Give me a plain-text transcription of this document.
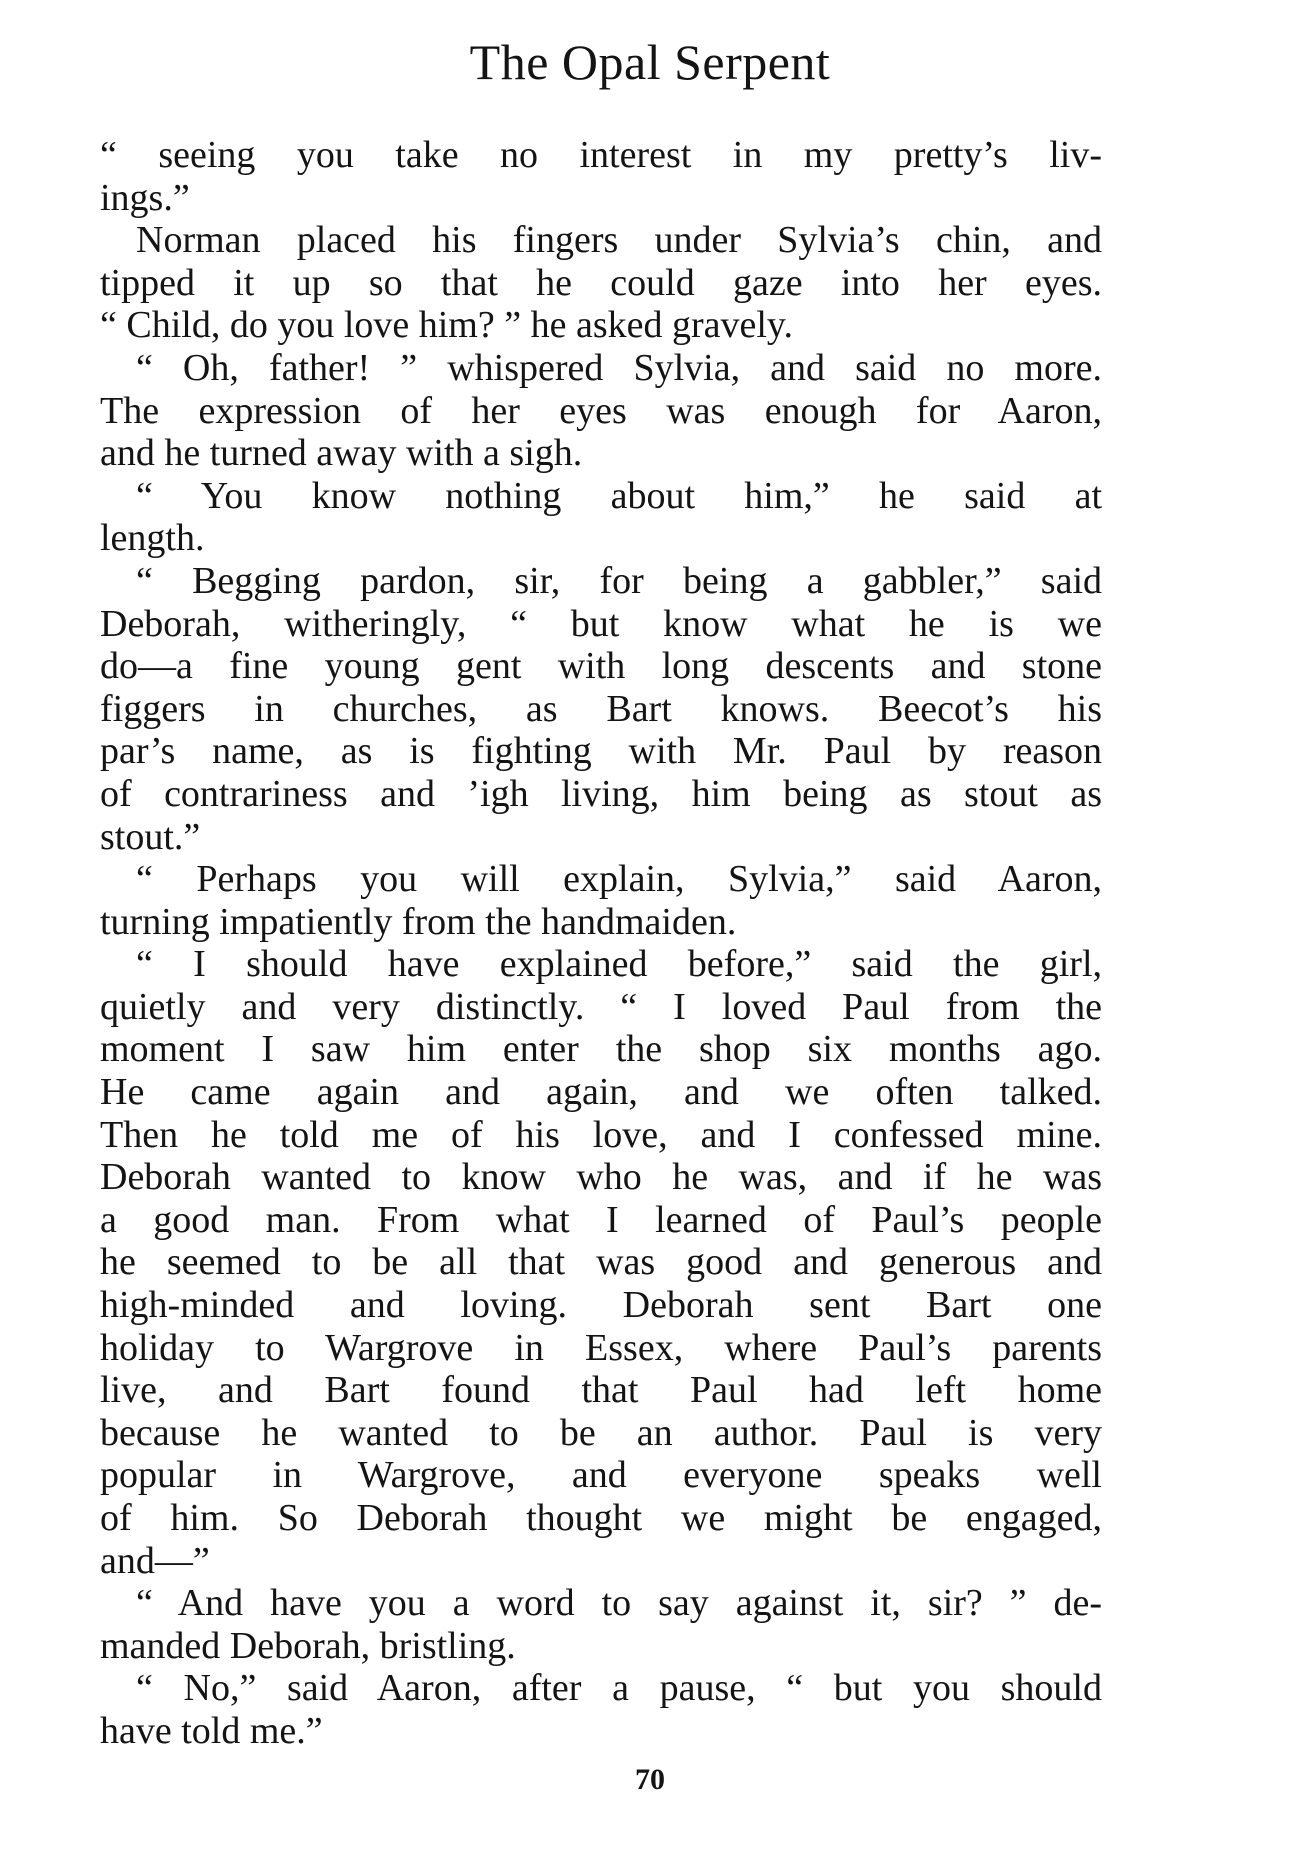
The Opal Serpent
“ seeing you take no interest in my pretty’s liv-
ings.”
Norman placed his fingers under Sylvia’s chin, and
tipped it up so that he could gaze into her eyes.
“ Child, do you love him? ” he asked gravely.
“ Oh, father! ” whispered Sylvia, and said no more.
The expression of her eyes was enough for Aaron,
and he turned away with a sigh.
“ You know nothing about him,” he said at
length.
“ Begging pardon, sir, for being a gabbler,” said
Deborah, witheringly, “ but know what he is we
do—a fine young gent with long descents and stone
figgers in churches, as Bart knows. Beecot’s his
par’s name, as is fighting with Mr. Paul by reason
of contrariness and ’igh living, him being as stout as
stout.”
“ Perhaps you will explain, Sylvia,” said Aaron,
turning impatiently from the handmaiden.
“ I should have explained before,” said the girl,
quietly and very distinctly. “ I loved Paul from the
moment I saw him enter the shop six months ago.
He came again and again, and we often talked.
Then he told me of his love, and I confessed mine.
Deborah wanted to know who he was, and if he was
a good man. From what I learned of Paul’s people
he seemed to be all that was good and generous and
high-minded and loving. Deborah sent Bart one
holiday to Wargrove in Essex, where Paul’s parents
live, and Bart found that Paul had left home
because he wanted to be an author. Paul is very
popular in Wargrove, and everyone speaks well
of him. So Deborah thought we might be engaged,
and—”
“ And have you a word to say against it, sir? ” de-
manded Deborah, bristling.
“ No,” said Aaron, after a pause, “ but you should
have told me.”
70
